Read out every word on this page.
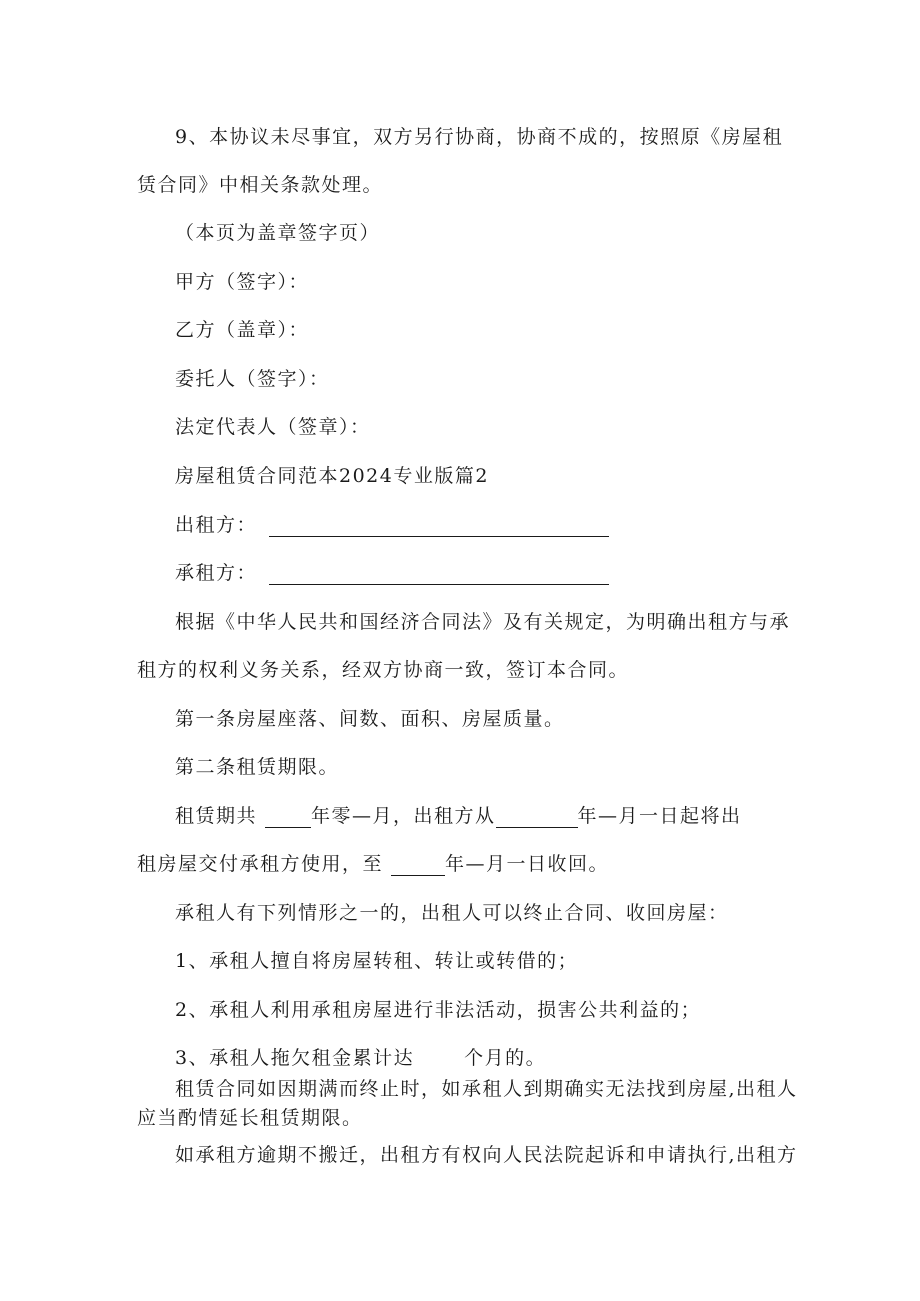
9、本协议未尽事宜，双方另行协商，协商不成的，按照原《房屋租
赁合同》中相关条款处理。
（本页为盖章签字页）
甲方（签字）：
乙方（盖章）：
委托人（签字）：
法定代表人（签章）：
房屋租赁合同范本2024专业版篇2
出租方：
承租方：
根据《中华人民共和国经济合同法》及有关规定，为明确出租方与承
租方的权利义务关系，经双方协商一致，签订本合同。
第一条房屋座落、间数、面积、房屋质量。
第二条租赁期限。
租赁期共	年零—月，出租方从	年—月一日起将出
租房屋交付承租方使用，至	年—月一日收回。
承租人有下列情形之一的，出租人可以终止合同、收回房屋：
1、承租人擅自将房屋转租、转让或转借的；
2、承租人利用承租房屋进行非法活动，损害公共利益的；
3、承租人拖欠租金累计达	个月的。
租赁合同如因期满而终止时，如承租人到期确实无法找到房屋,出租人
应当酌情延长租赁期限。
如承租方逾期不搬迁，出租方有权向人民法院起诉和申请执行,出租方
